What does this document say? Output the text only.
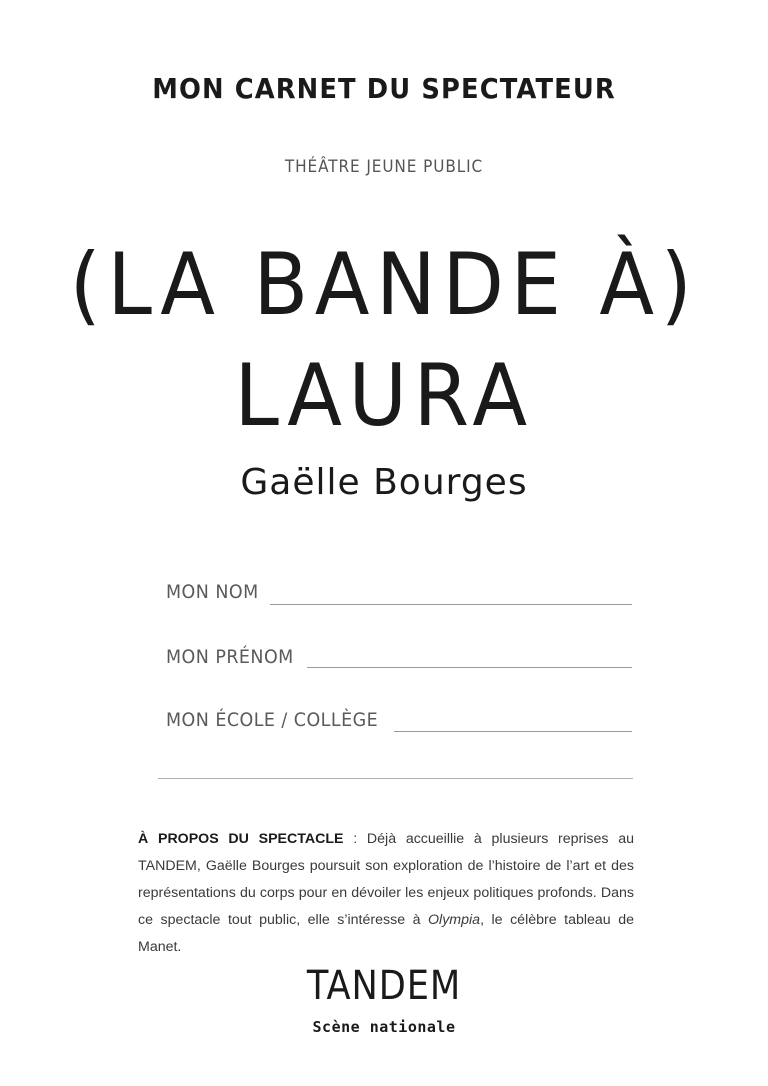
MON CARNET DU SPECTATEUR
THÉÂTRE JEUNE PUBLIC
(LA BANDE À)
LAURA
Gaëlle Bourges
MON NOM
MON PRÉNOM
MON ÉCOLE / COLLÈGE
À PROPOS DU SPECTACLE : Déjà accueillie à plusieurs reprises au TANDEM, Gaëlle Bourges poursuit son exploration de l’histoire de l’art et des représentations du corps pour en dévoiler les enjeux politiques profonds. Dans ce spectacle tout public, elle s’intéresse à Olympia, le célèbre tableau de Manet.
TANDEM
Scène nationale
